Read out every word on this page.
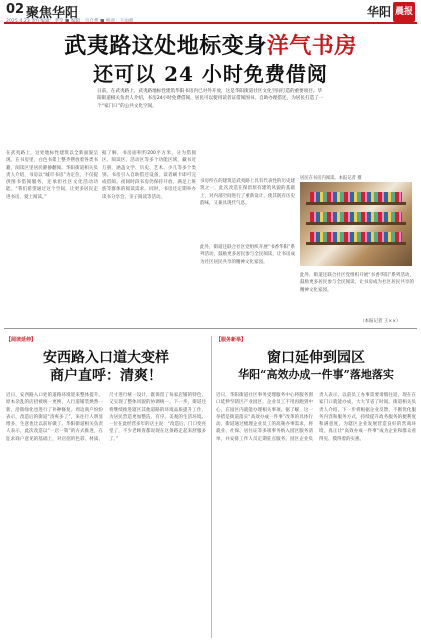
02 聚焦华阳	华阳 晨报
武夷路这处地标变身洋气书房
还可以 24 小时免费借阅
日前，在武夷路上，武夷路地标性建筑华阳书房内已对外开放，这是华阳街道社区文化空间打造的重要项目。华阳街道相关负责人介绍，书房24小时免费借阅，居民可以使用读者证借阅图书、自助办理借还，为居民打造了一个“家门口”的公共文化空间。
在武夷路上，这处地标性建筑以全新面貌呈现。在书房里，白色书架上整齐摆放着各类书籍，阅读区里居民静静翻阅。华阳街道相关负责人介绍，书房以“城市书房”为定位，不仅提供图书借阅服务，还承担社区文化活动功能。“我们希望通过这个空间，让更多居民走进书房，爱上阅读。”
据了解，书房面积约200平方米，分为借阅区、阅读区、活动区等多个功能区域，藏书近万册，涵盖文学、历史、艺术、少儿等多个类别。书房引入自助借还设备，读者刷卡即可完成借阅。夜间时段书房仍保持开放，满足上班族等群体的阅读需求。同时，书房还定期举办读书分享会、亲子阅读等活动。
书房所在的建筑是武夷路上具有代表性的历史建筑之一，此次改造在保留原有建筑风貌的基础上，对内部空间进行了重新设计，使其既有历史韵味，又兼具现代气息。
此外，街道还联合社区党组织开展“书香华阳”系列活动，鼓励更多居民参与全民阅读，让书房成为社区居民共享的精神文化家园。
居民在书房内阅读。本报记者 摄
此外，街道还联合社区党组织开展“书香华阳”系列活动，鼓励更多居民参与全民阅读，让书房成为社区居民共享的精神文化家园。
（本报记者 王××）
【阅读延伸】
安西路入口道大变样
商户直呼：清爽！
近日，安西路入口处的道路环境迎来整体提升。原本杂乱的店招被统一更换，人行道铺装焕然一新，沿街绿化也进行了补种修复。周边商户纷纷表示，改造后的街道“清爽多了”，来往行人明显增多，生意也比以前好做了。华阳街道相关负责人表示，此次改造以“一店一策”的方式推进，在征求商户意见的基础上，对店招的色彩、材质、尺寸进行统一设计，既保留了每家店铺的特色，又实现了整体风貌的协调统一。下一步，街道还将继续推进辖区其他道路的环境品质提升工作，为居民营造更加整洁、有序、美观的生活环境。一位在此经营多年的店主说：“改造后，门口变亮堂了，不少老顾客都说现在这条路走起来舒服多了。”
【服务新举】
窗口延伸到园区
华阳“高效办成一件事”落地落实
近日，华阳街道社区事务受理服务中心将服务窗口延伸至辖区产业园区，企业员工不用再跑到中心，在园区内就能办理相关事项。据了解，这一举措是街道落实“高效办成一件事”改革的具体行动。街道通过梳理企业员工的高频办事需求，将就业、社保、居住证等多项事务纳入园区服务清单，并安排工作人员定期驻点服务。园区企业负责人表示，以前员工办事需要请假往返，现在在家门口就能办成，大大节省了时间。街道相关负责人介绍，下一步将根据企业反馈，不断优化服务内容和服务方式，持续提升政务服务的便利度和满意度，为辖区企业发展营造良好的营商环境，真正让“高效办成一件事”成为企业和群众看得见、摸得着的实惠。
